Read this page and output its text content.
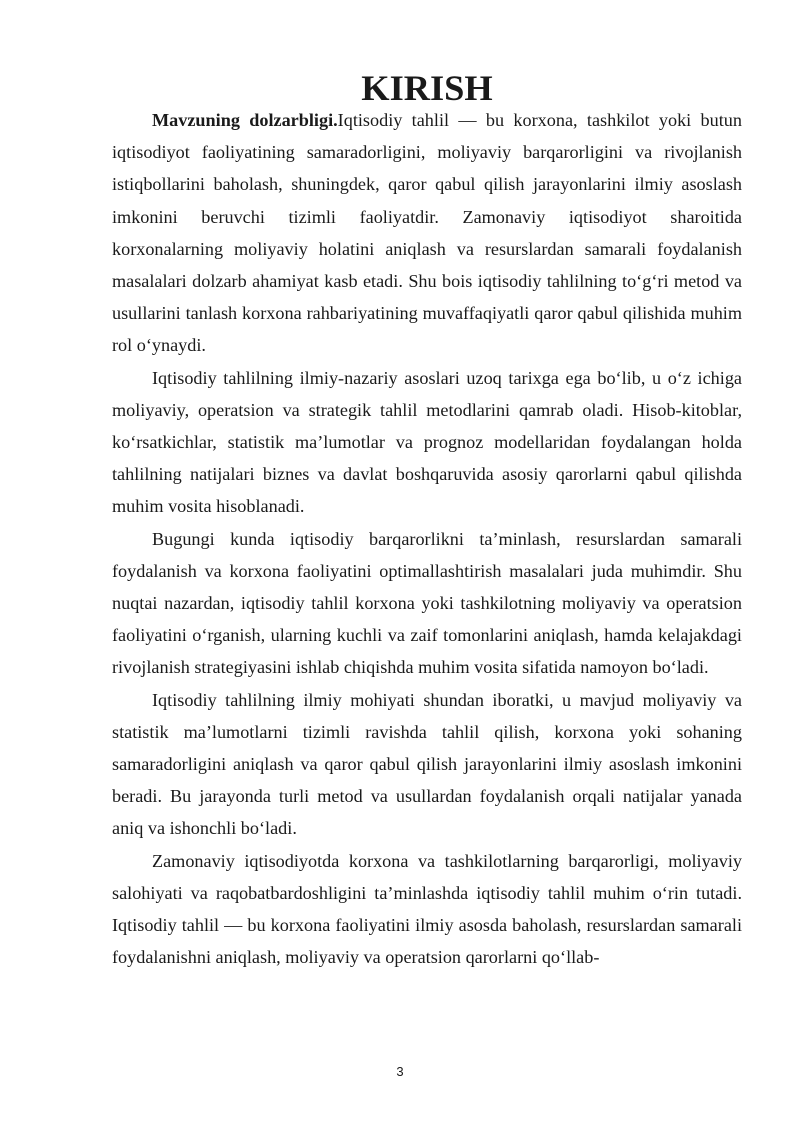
KIRISH

Mavzuning dolzarbligi.Iqtisodiy tahlil — bu korxona, tashkilot yoki butun iqtisodiyot faoliyatining samaradorligini, moliyaviy barqarorligini va rivojlanish istiqbollarini baholash, shuningdek, qaror qabul qilish jarayonlarini ilmiy asoslash imkonini beruvchi tizimli faoliyatdir. Zamonaviy iqtisodiyot sharoitida korxonalarning moliyaviy holatini aniqlash va resurslardan samarali foydalanish masalalari dolzarb ahamiyat kasb etadi. Shu bois iqtisodiy tahlilning toʻgʻri metod va usullarini tanlash korxona rahbariyatining muvaffaqiyatli qaror qabul qilishida muhim rol oʻynaydi.

Iqtisodiy tahlilning ilmiy-nazariy asoslari uzoq tarixga ega boʻlib, u oʻz ichiga moliyaviy, operatsion va strategik tahlil metodlarini qamrab oladi. Hisob-kitoblar, koʻrsatkichlar, statistik maʼlumotlar va prognoz modellaridan foydalangan holda tahlilning natijalari biznes va davlat boshqaruvida asosiy qarorlarni qabul qilishda muhim vosita hisoblanadi.

Bugungi kunda iqtisodiy barqarorlikni taʼminlash, resurslardan samarali foydalanish va korxona faoliyatini optimallashtirish masalalari juda muhimdir. Shu nuqtai nazardan, iqtisodiy tahlil korxona yoki tashkilotning moliyaviy va operatsion faoliyatini oʻrganish, ularning kuchli va zaif tomonlarini aniqlash, hamda kelajakdagi rivojlanish strategiyasini ishlab chiqishda muhim vosita sifatida namoyon boʻladi.

Iqtisodiy tahlilning ilmiy mohiyati shundan iboratki, u mavjud moliyaviy va statistik maʼlumotlarni tizimli ravishda tahlil qilish, korxona yoki sohaning samaradorligini aniqlash va qaror qabul qilish jarayonlarini ilmiy asoslash imkonini beradi. Bu jarayonda turli metod va usullardan foydalanish orqali natijalar yanada aniq va ishonchli boʻladi.

Zamonaviy iqtisodiyotda korxona va tashkilotlarning barqarorligi, moliyaviy salohiyati va raqobatbardoshligini taʼminlashda iqtisodiy tahlil muhim oʻrin tutadi. Iqtisodiy tahlil — bu korxona faoliyatini ilmiy asosda baholash, resurslardan samarali foydalanishni aniqlash, moliyaviy va operatsion qarorlarni qoʻllab-

3
